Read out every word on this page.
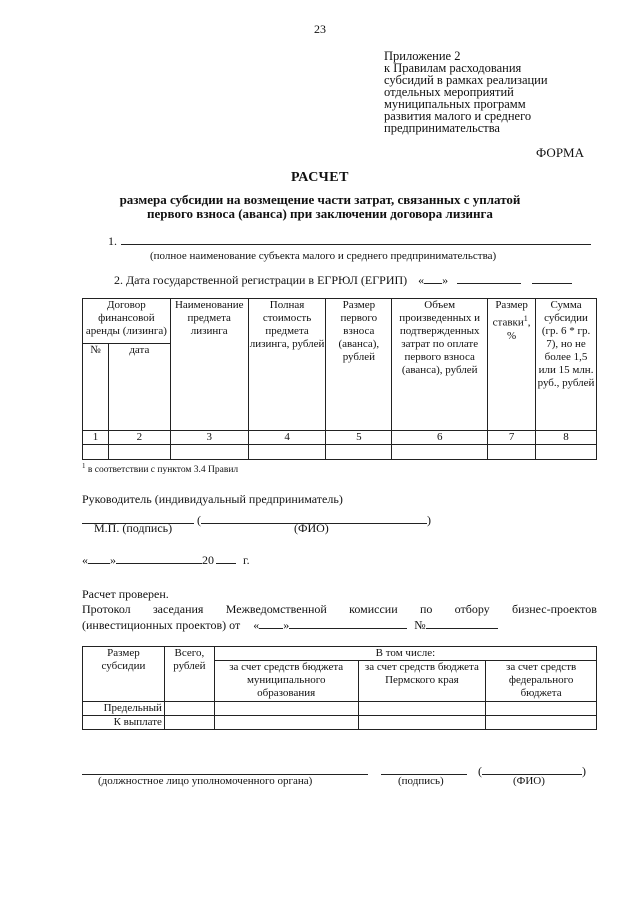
23
Приложение 2
к Правилам расходования
субсидий в рамках реализации
отдельных мероприятий
муниципальных программ
развития малого и среднего
предпринимательства
ФОРМА
РАСЧЕТ
размера субсидии на возмещение части затрат, связанных с уплатой
первого взноса (аванса) при заключении договора лизинга
1.
(полное наименование субъекта малого и среднего предпринимательства)
2. Дата государственной регистрации в ЕГРЮЛ (ЕГРИП) « »
Договор финансовой аренды (лизинга)		Наименование предмета лизинга	Полная стоимость предмета лизинга, рублей	Размер первого взноса (аванса), рублей	Объем произведенных и подтвержденных затрат по оплате первого взноса (аванса), рублей	Размер ставки$^1$, %	Сумма субсидии (гр. 6 * гр. 7), но не более 1,5 или 15 млн. руб., рублей
№	дата						
1	2	3	4	5	6	7	8

$^1$ в соответствии с пунктом 3.4 Правил
Руководитель (индивидуальный предприниматель)
(	)
М.П. (подпись)	(ФИО)
« »	20 г.
Расчет проверен.
Протокол заседания Межведомственной комиссии по отбору бизнес-проектов
(инвестиционных проектов) от « »	№
Размер субсидии	Всего, рублей	В том числе:		
		за счет средств бюджета муниципального образования	за счет средств бюджета Пермского края	за счет средств федерального бюджета
Предельный				
К выплате				
(	)
(должностное лицо уполномоченного органа)	(подпись)	(ФИО)
